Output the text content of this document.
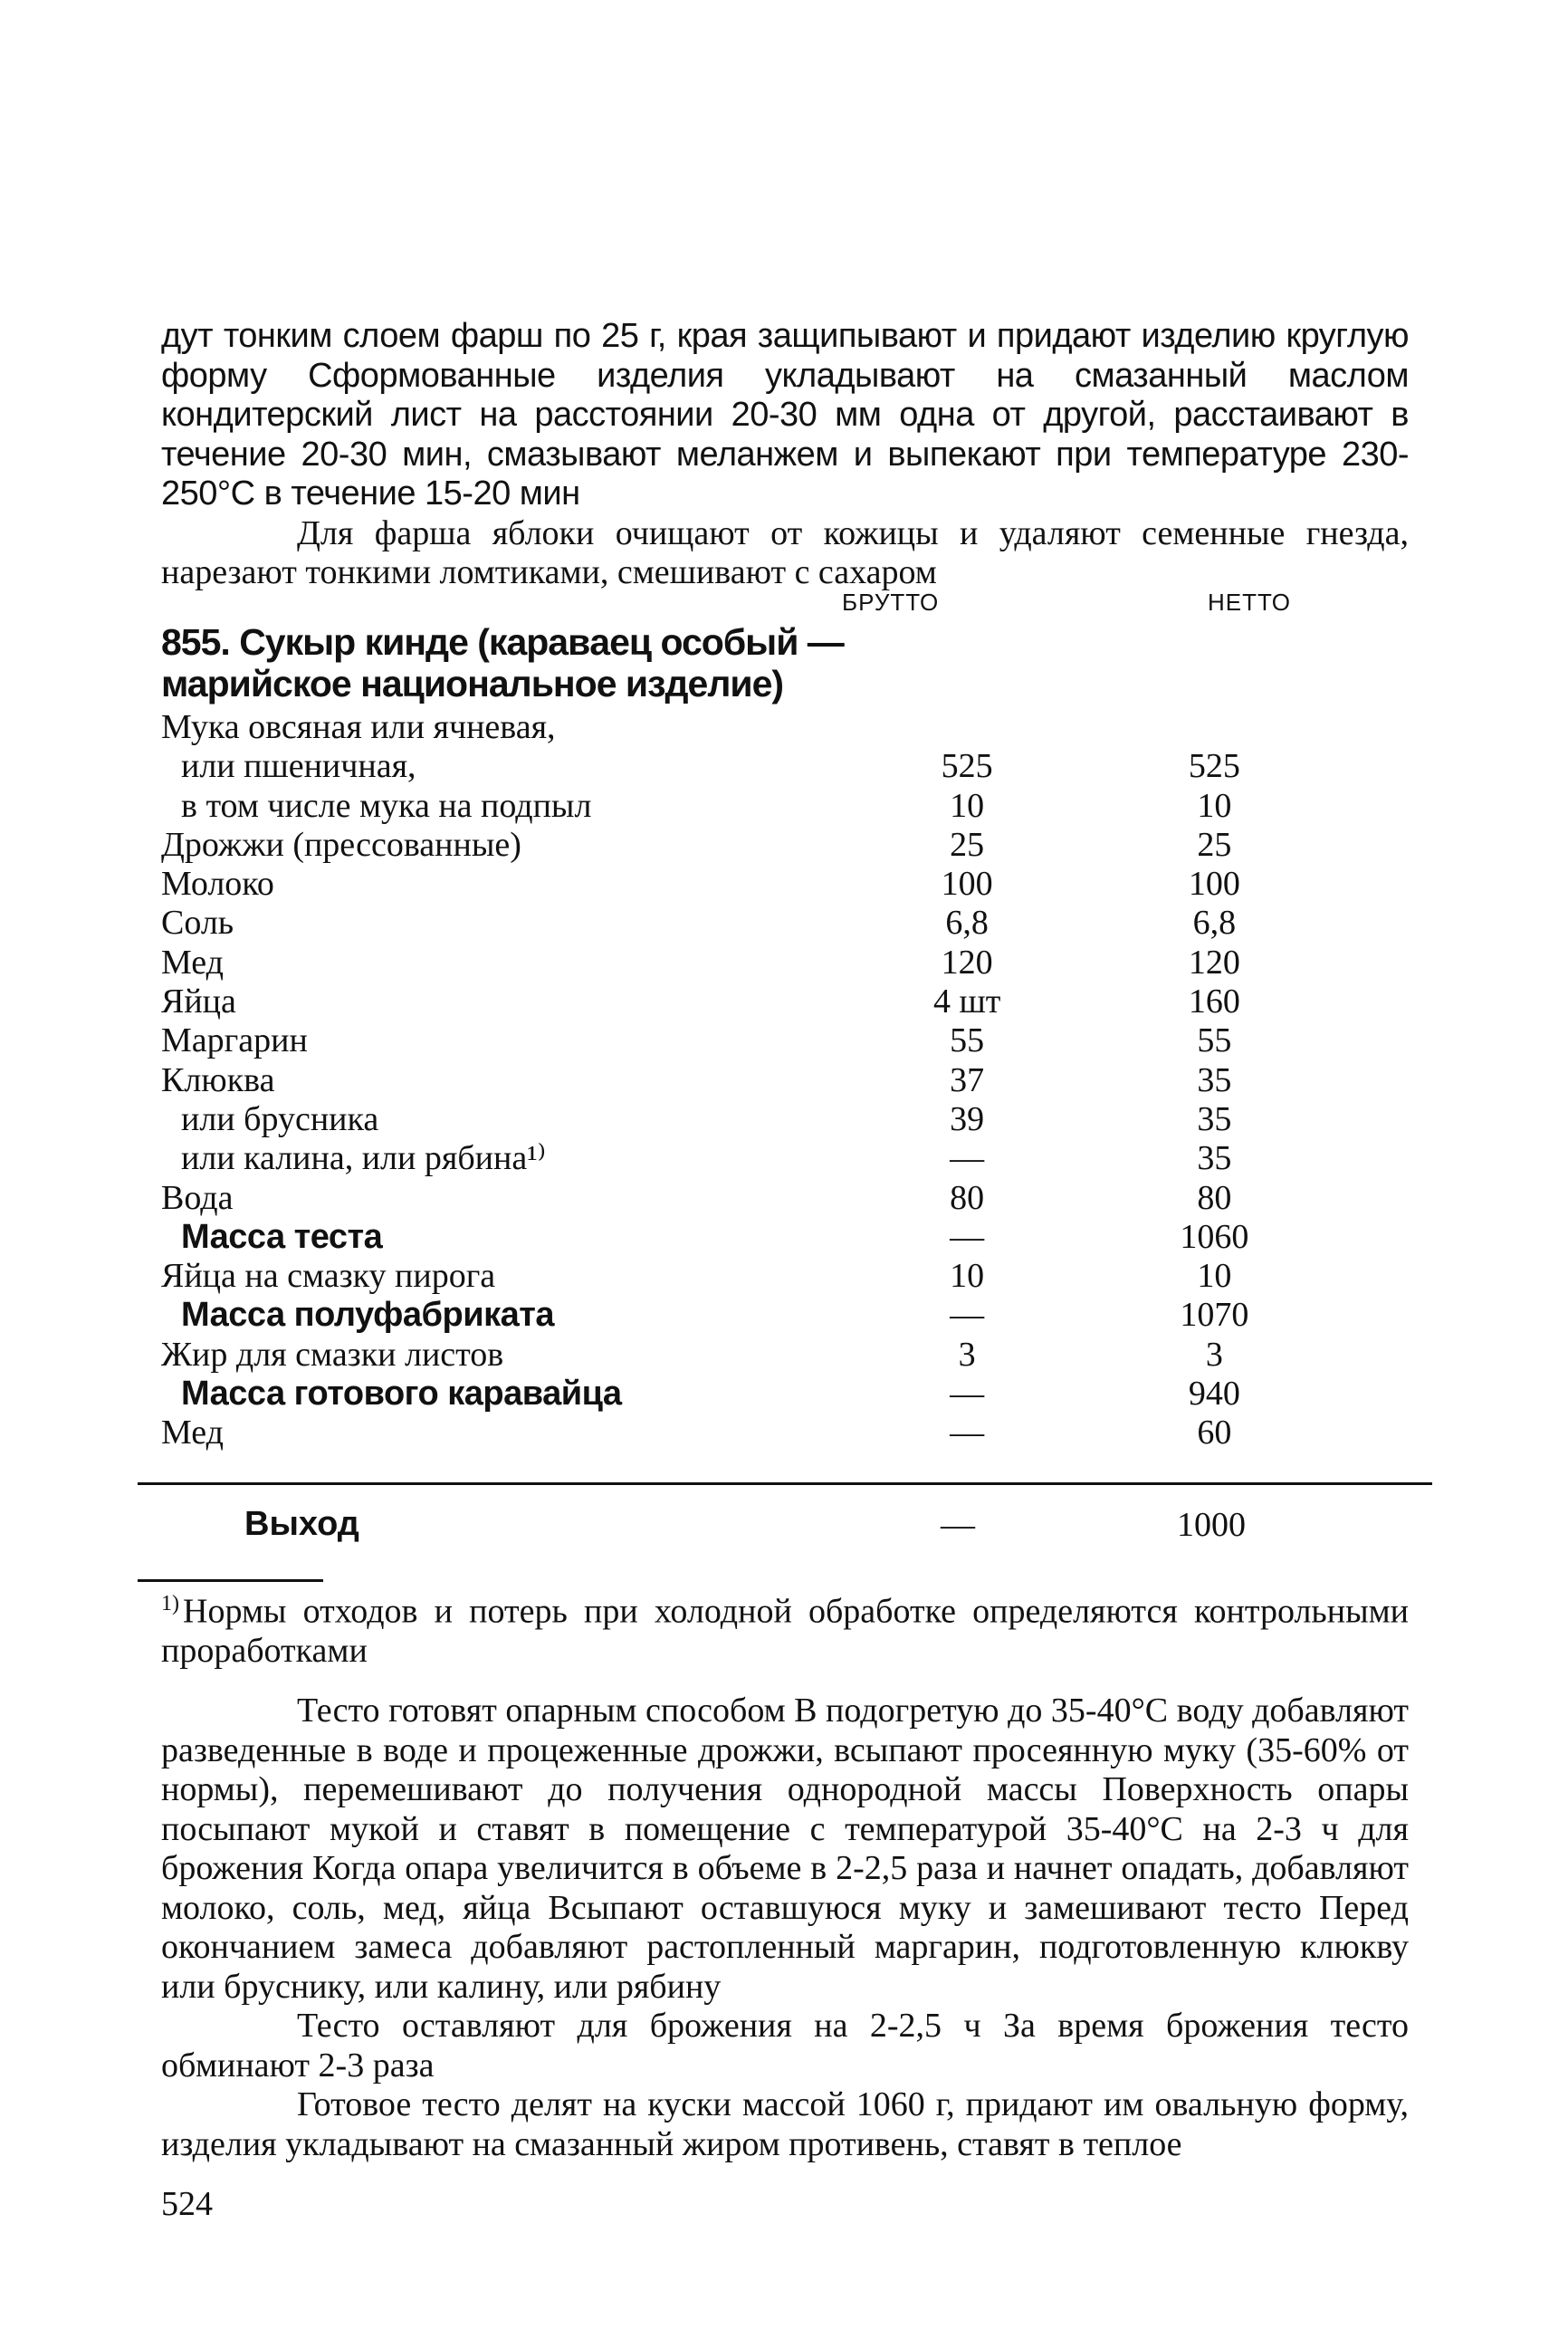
дут тонким слоем фарш по 25 г, края защипывают и придают изделию круглую форму Сформованные изделия укладывают на смазанный маслом кондитерский лист на расстоянии 20-30 мм одна от другой, расстаивают в течение 20-30 мин, смазывают меланжем и выпекают при температуре 230-250°С в течение 15-20 мин

Для фарша яблоки очищают от кожицы и удаляют семенные гнезда, нарезают тонкими ломтиками, смешивают с сахаром

БРУТТО	НЕТТО
855. Сукыр кинде (каравaец особый — марийское национальное изделие)
Мука овсяная или ячневая,		
или пшеничная,	525	525
в том числе мука на подпыл	10	10
Дрожжи (прессованные)	25	25
Молоко	100	100
Соль	6,8	6,8
Мед	120	120
Яйца	4 шт	160
Маргарин	55	55
Клюква	37	35
или брусника	39	35
или калина, или рябина¹⁾	—	35
Вода	80	80
Масса теста	—	1060
Яйца на смазку пирога	10	10
Масса полуфабриката	—	1070
Жир для смазки листов	3	3
Масса готового каравайца	—	940
Мед	—	60
Выход	—	1000

$^{1)}$ Нормы отходов и потерь при холодной обработке определяются контрольными проработками

Тесто готовят опарным способом В подогретую до 35-40°С воду добавляют разведенные в воде и процеженные дрожжи, всыпают просеянную муку (35-60% от нормы), перемешивают до получения однородной массы Поверхность опары посыпают мукой и ставят в помещение с температурой 35-40°С на 2-3 ч для брожения Когда опара увеличится в объеме в 2-2,5 раза и начнет опадать, добавляют молоко, соль, мед, яйца Всыпают оставшуюся муку и замешивают тесто Перед окончанием замеса добавляют растопленный маргарин, подготовленную клюкву или бруснику, или калину, или рябину

Тесто оставляют для брожения на 2-2,5 ч За время брожения тесто обминают 2-3 раза

Готовое тесто делят на куски массой 1060 г, придают им овальную форму, изделия укладывают на смазанный жиром противень, ставят в теплое

524
